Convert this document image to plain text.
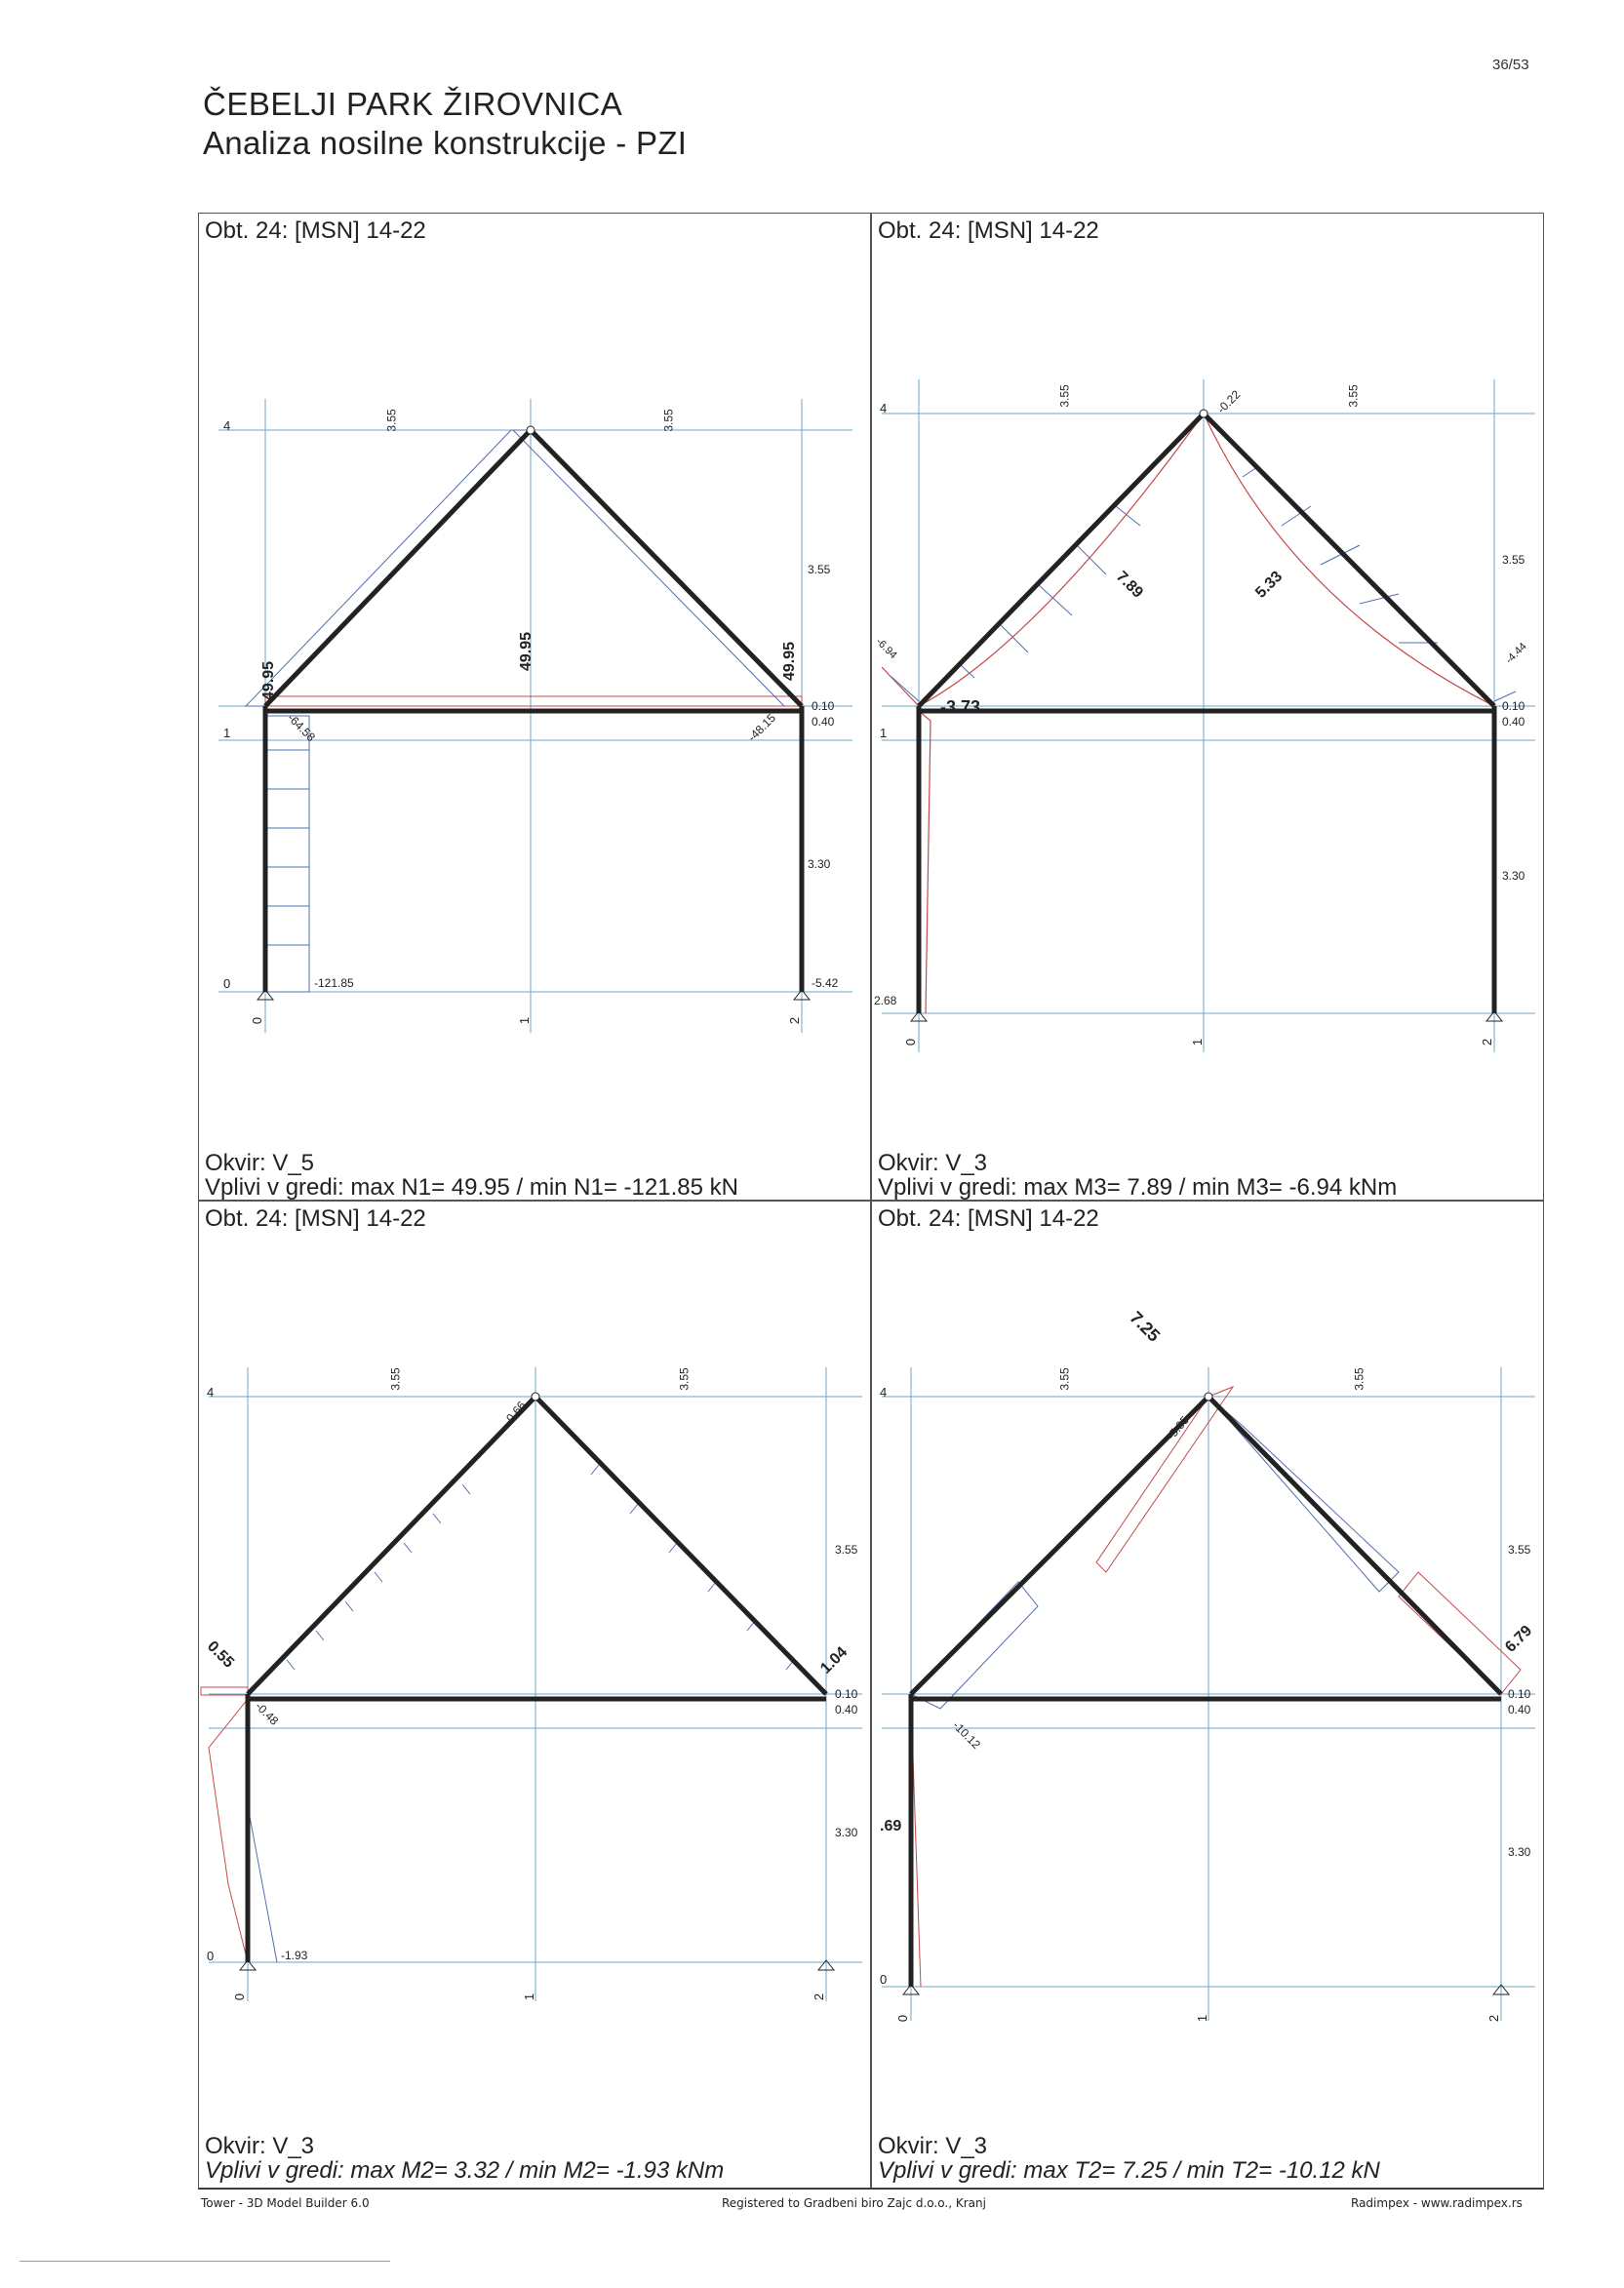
36/53
ČEBELJI PARK ŽIROVNICA
Analiza nosilne konstrukcije - PZI
Obt. 24: [MSN] 14-22
49.95
49.95	49.95
-64.58	-48.15
-121.85	-5.42
4
1
0
3.55	3.55
3.55
0.10
0.40
3.30
0	1	2
Okvir: V_5
Vplivi v gredi: max N1= 49.95 / min N1= -121.85 kN
Obt. 24: [MSN] 14-22
-0.22
7.89	5.33
-6.94	-4.44
-3.73
2.68
4
1
3.55	3.55
3.55
0.10
0.40
3.30
0	1	2
Okvir: V_3
Vplivi v gredi: max M3= 7.89 / min M3= -6.94 kNm
Obt. 24: [MSN] 14-22
-0.66
0.55
-0.48
1.04
-1.93
4
0
3.55	3.55
3.55
0.10
0.40
3.30
0	1	2
Okvir: V_3
Vplivi v gredi: max M2= 3.32 / min M2= -1.93 kNm
Obt. 24: [MSN] 14-22
7.25
-5.05
6.79
-10.12
.69
4
0
3.55	3.55
3.55
0.10
0.40
3.30
0	1	2
Okvir: V_3
Vplivi v gredi: max T2= 7.25 / min T2= -10.12 kN
Tower - 3D Model Builder 6.0	Registered to Gradbeni biro Zajc d.o.o., Kranj	Radimpex - www.radimpex.rs
